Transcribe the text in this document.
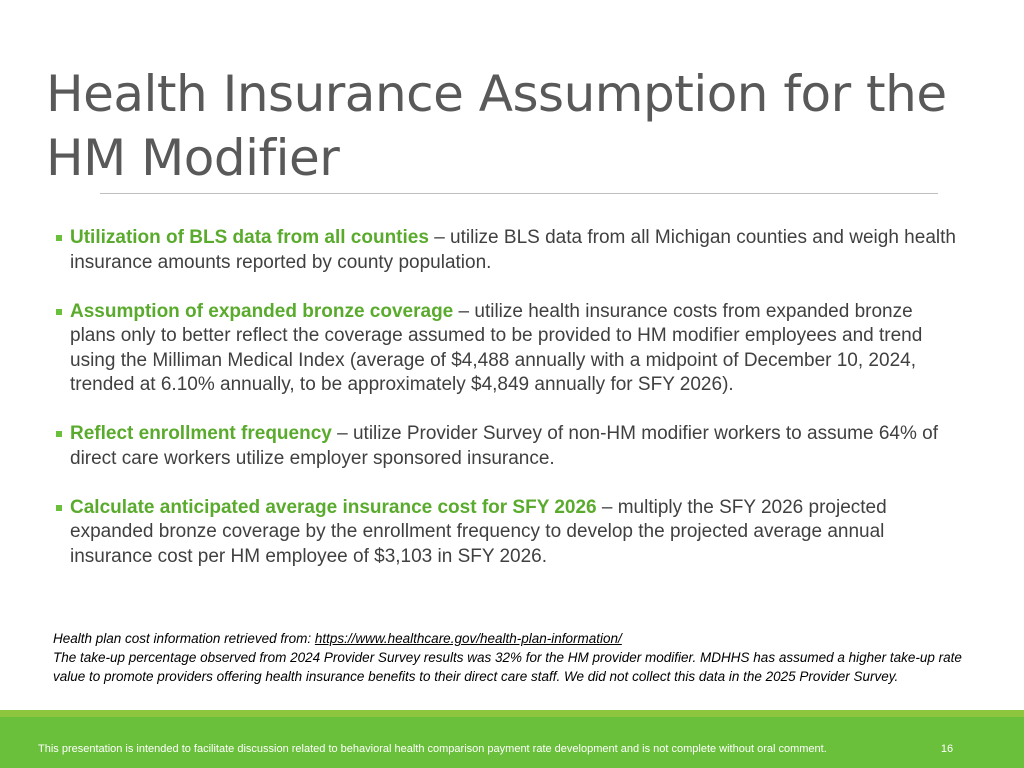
Health Insurance Assumption for the HM Modifier
Utilization of BLS data from all counties – utilize BLS data from all Michigan counties and weigh health insurance amounts reported by county population.
Assumption of expanded bronze coverage – utilize health insurance costs from expanded bronze plans only to better reflect the coverage assumed to be provided to HM modifier employees and trend using the Milliman Medical Index (average of $4,488 annually with a midpoint of December 10, 2024, trended at 6.10% annually, to be approximately $4,849 annually for SFY 2026).
Reflect enrollment frequency – utilize Provider Survey of non-HM modifier workers to assume 64% of direct care workers utilize employer sponsored insurance.
Calculate anticipated average insurance cost for SFY 2026 – multiply the SFY 2026 projected expanded bronze coverage by the enrollment frequency to develop the projected average annual insurance cost per HM employee of $3,103 in SFY 2026.
Health plan cost information retrieved from: https://www.healthcare.gov/health-plan-information/
The take-up percentage observed from 2024 Provider Survey results was 32% for the HM provider modifier. MDHHS has assumed a higher take-up rate value to promote providers offering health insurance benefits to their direct care staff. We did not collect this data in the 2025 Provider Survey.
This presentation is intended to facilitate discussion related to behavioral health comparison payment rate development and is not complete without oral comment.	16
